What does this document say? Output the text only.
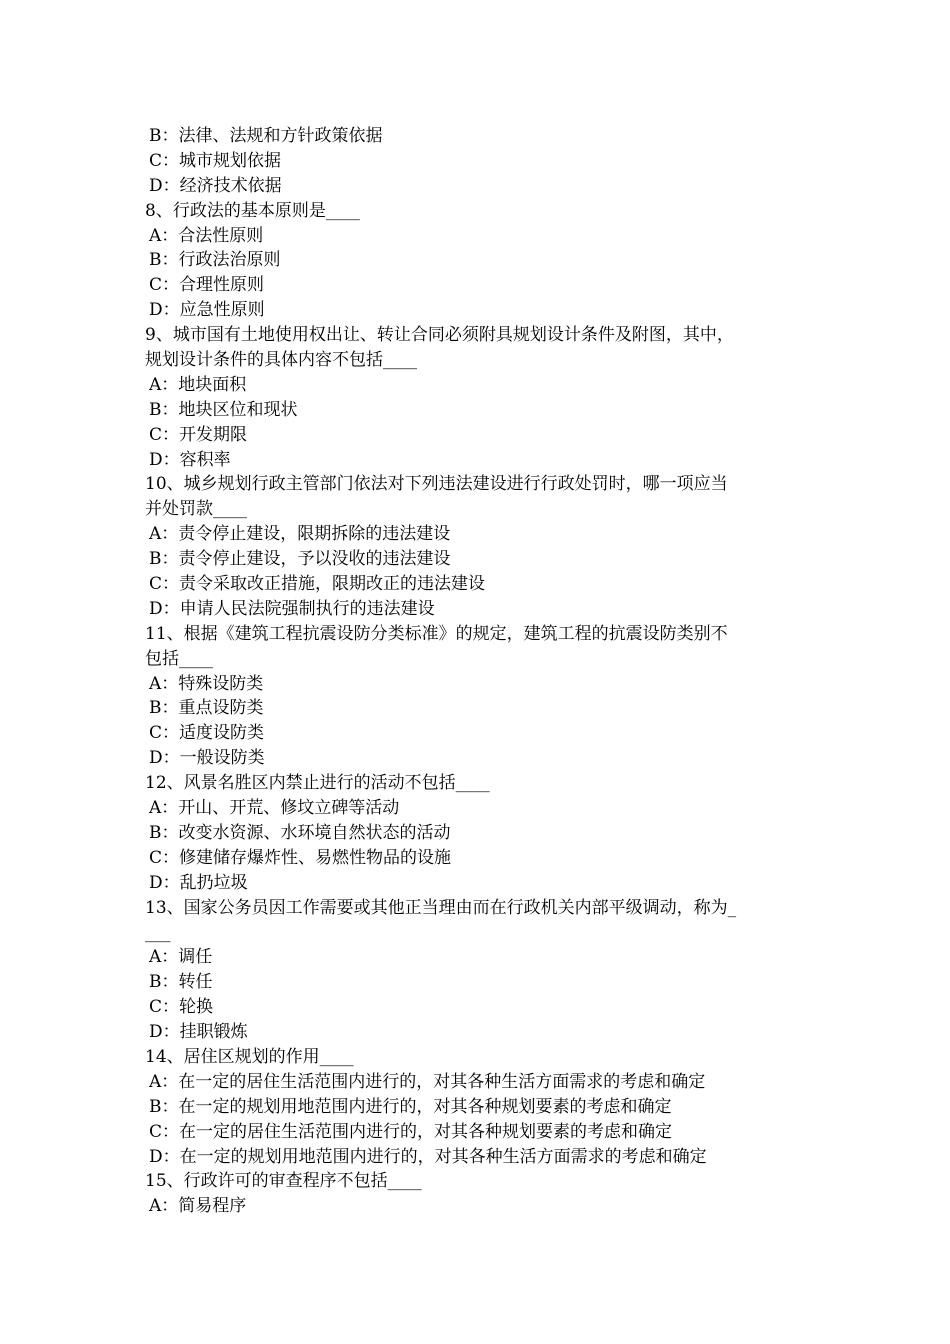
B：法律、法规和方针政策依据
C：城市规划依据
D：经济技术依据
8、行政法的基本原则是____
A：合法性原则
B：行政法治原则
C：合理性原则
D：应急性原则
9、城市国有土地使用权出让、转让合同必须附具规划设计条件及附图，其中，
规划设计条件的具体内容不包括____
A：地块面积
B：地块区位和现状
C：开发期限
D：容积率
10、城乡规划行政主管部门依法对下列违法建设进行行政处罚时，哪一项应当
并处罚款____
A：责令停止建设，限期拆除的违法建设
B：责令停止建设，予以没收的违法建设
C：责令采取改正措施，限期改正的违法建设
D：申请人民法院强制执行的违法建设
11、根据《建筑工程抗震设防分类标准》的规定，建筑工程的抗震设防类别不
包括____
A：特殊设防类
B：重点设防类
C：适度设防类
D：一般设防类
12、风景名胜区内禁止进行的活动不包括____
A：开山、开荒、修坟立碑等活动
B：改变水资源、水环境自然状态的活动
C：修建储存爆炸性、易燃性物品的设施
D：乱扔垃圾
13、国家公务员因工作需要或其他正当理由而在行政机关内部平级调动，称为_
___
A：调任
B：转任
C：轮换
D：挂职锻炼
14、居住区规划的作用____
A：在一定的居住生活范围内进行的，对其各种生活方面需求的考虑和确定
B：在一定的规划用地范围内进行的，对其各种规划要素的考虑和确定
C：在一定的居住生活范围内进行的，对其各种规划要素的考虑和确定
D：在一定的规划用地范围内进行的，对其各种生活方面需求的考虑和确定
15、行政许可的审查程序不包括____
A：简易程序
